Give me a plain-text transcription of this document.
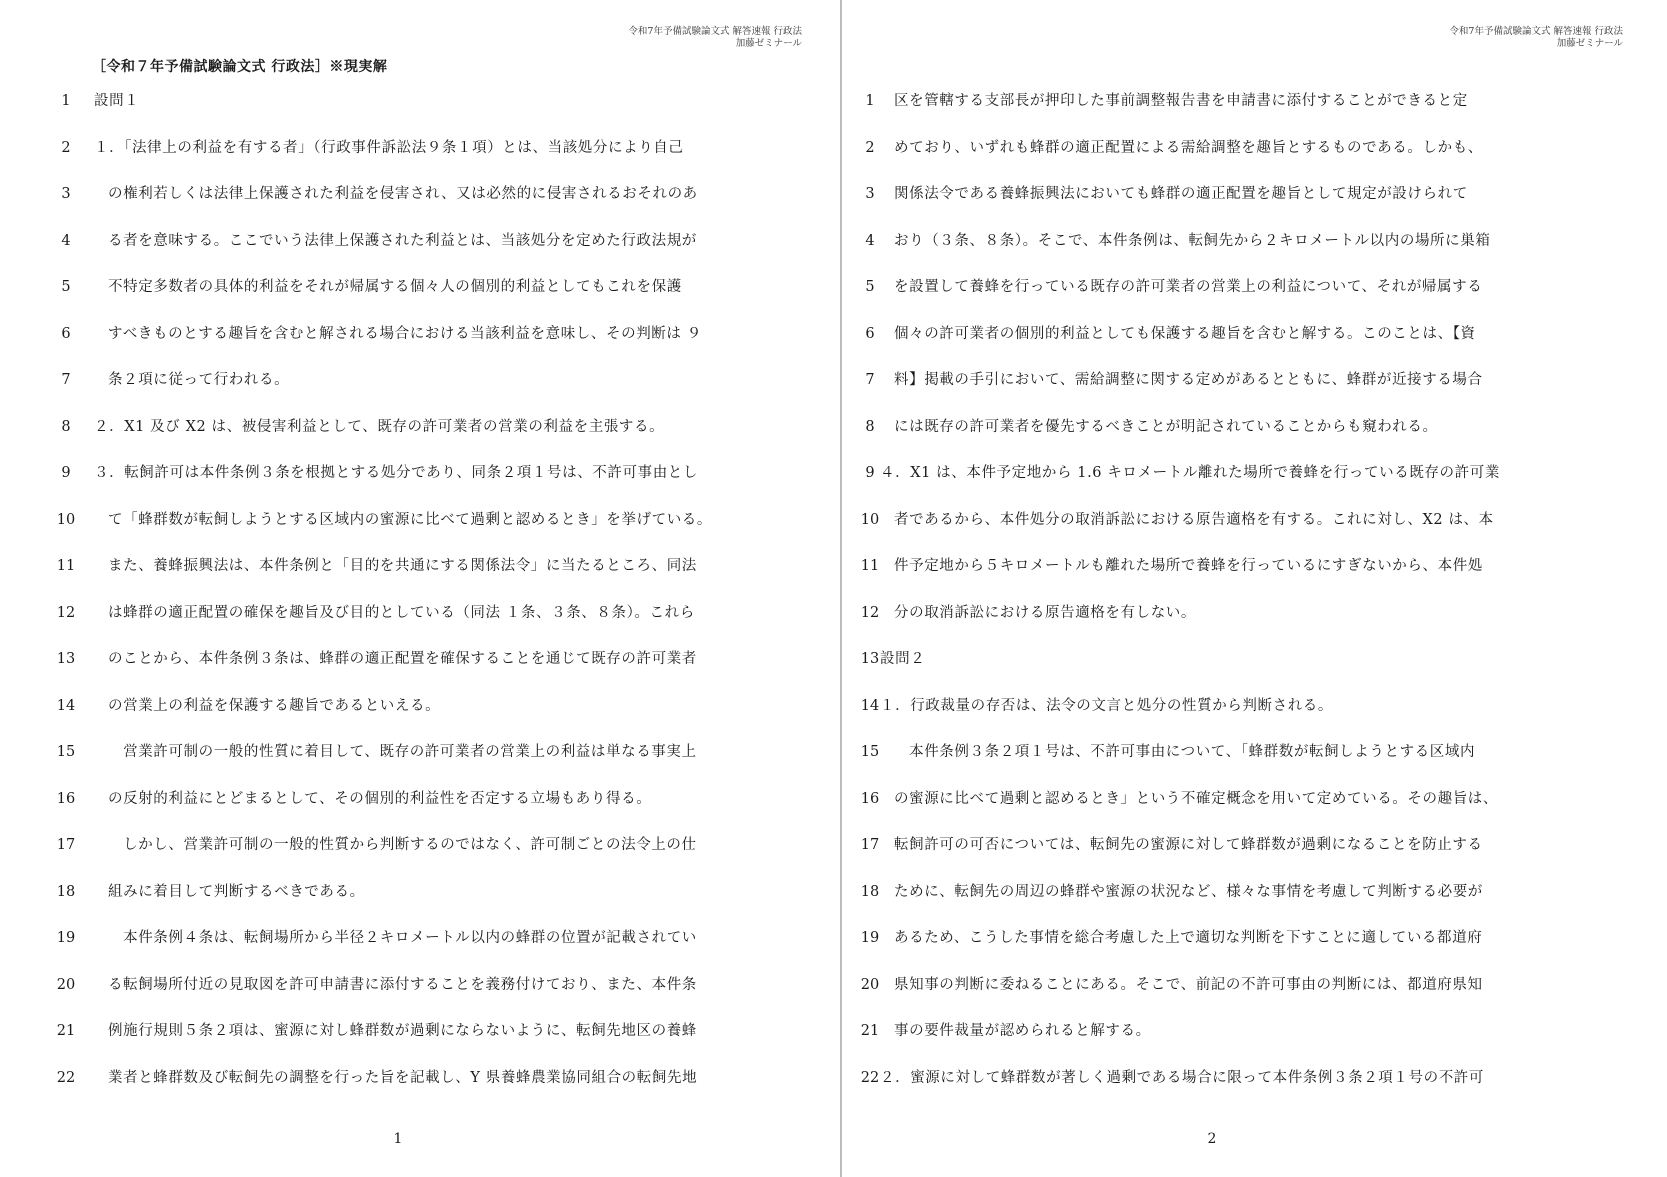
令和7年予備試験論文式 解答速報 行政法
加藤ゼミナール
［令和７年予備試験論文式 行政法］※現実解
1	設問１
2	１．「法律上の利益を有する者」（行政事件訴訟法９条１項）とは、当該処分により自己
3	の権利若しくは法律上保護された利益を侵害され、又は必然的に侵害されるおそれのあ
4	る者を意味する。ここでいう法律上保護された利益とは、当該処分を定めた行政法規が
5	不特定多数者の具体的利益をそれが帰属する個々人の個別的利益としてもこれを保護
6	すべきものとする趣旨を含むと解される場合における当該利益を意味し、その判断は ９
7	条２項に従って行われる。
8	２．X1 及び X2 は、被侵害利益として、既存の許可業者の営業の利益を主張する。
9	３．転飼許可は本件条例３条を根拠とする処分であり、同条２項１号は、不許可事由とし
10	て「蜂群数が転飼しようとする区域内の蜜源に比べて過剰と認めるとき」を挙げている。
11	また、養蜂振興法は、本件条例と「目的を共通にする関係法令」に当たるところ、同法
12	は蜂群の適正配置の確保を趣旨及び目的としている（同法 １条、３条、８条）。これら
13	のことから、本件条例３条は、蜂群の適正配置を確保することを通じて既存の許可業者
14	の営業上の利益を保護する趣旨であるといえる。
15	　営業許可制の一般的性質に着目して、既存の許可業者の営業上の利益は単なる事実上
16	の反射的利益にとどまるとして、その個別的利益性を否定する立場もあり得る。
17	　しかし、営業許可制の一般的性質から判断するのではなく、許可制ごとの法令上の仕
18	組みに着目して判断するべきである。
19	　本件条例４条は、転飼場所から半径２キロメートル以内の蜂群の位置が記載されてい
20	る転飼場所付近の見取図を許可申請書に添付することを義務付けており、また、本件条
21	例施行規則５条２項は、蜜源に対し蜂群数が過剰にならないように、転飼先地区の養蜂
22	業者と蜂群数及び転飼先の調整を行った旨を記載し、Y 県養蜂農業協同組合の転飼先地
1
令和7年予備試験論文式 解答速報 行政法
加藤ゼミナール
1	区を管轄する支部長が押印した事前調整報告書を申請書に添付することができると定
2	めており、いずれも蜂群の適正配置による需給調整を趣旨とするものである。しかも、
3	関係法令である養蜂振興法においても蜂群の適正配置を趣旨として規定が設けられて
4	おり（３条、８条）。そこで、本件条例は、転飼先から２キロメートル以内の場所に巣箱
5	を設置して養蜂を行っている既存の許可業者の営業上の利益について、それが帰属する
6	個々の許可業者の個別的利益としても保護する趣旨を含むと解する。このことは、【資
7	料】掲載の手引において、需給調整に関する定めがあるとともに、蜂群が近接する場合
8	には既存の許可業者を優先するべきことが明記されていることからも窺われる。
9 ４．X1 は、本件予定地から 1.6 キロメートル離れた場所で養蜂を行っている既存の許可業
10	者であるから、本件処分の取消訴訟における原告適格を有する。これに対し、X2 は、本
11	件予定地から５キロメートルも離れた場所で養蜂を行っているにすぎないから、本件処
12	分の取消訴訟における原告適格を有しない。
13 設問２
14 １．行政裁量の存否は、法令の文言と処分の性質から判断される。
15	　本件条例３条２項１号は、不許可事由について、「蜂群数が転飼しようとする区域内
16	の蜜源に比べて過剰と認めるとき」という不確定概念を用いて定めている。その趣旨は、
17	転飼許可の可否については、転飼先の蜜源に対して蜂群数が過剰になることを防止する
18	ために、転飼先の周辺の蜂群や蜜源の状況など、様々な事情を考慮して判断する必要が
19	あるため、こうした事情を総合考慮した上で適切な判断を下すことに適している都道府
20	県知事の判断に委ねることにある。そこで、前記の不許可事由の判断には、都道府県知
21	事の要件裁量が認められると解する。
22 ２．蜜源に対して蜂群数が著しく過剰である場合に限って本件条例３条２項１号の不許可
2
